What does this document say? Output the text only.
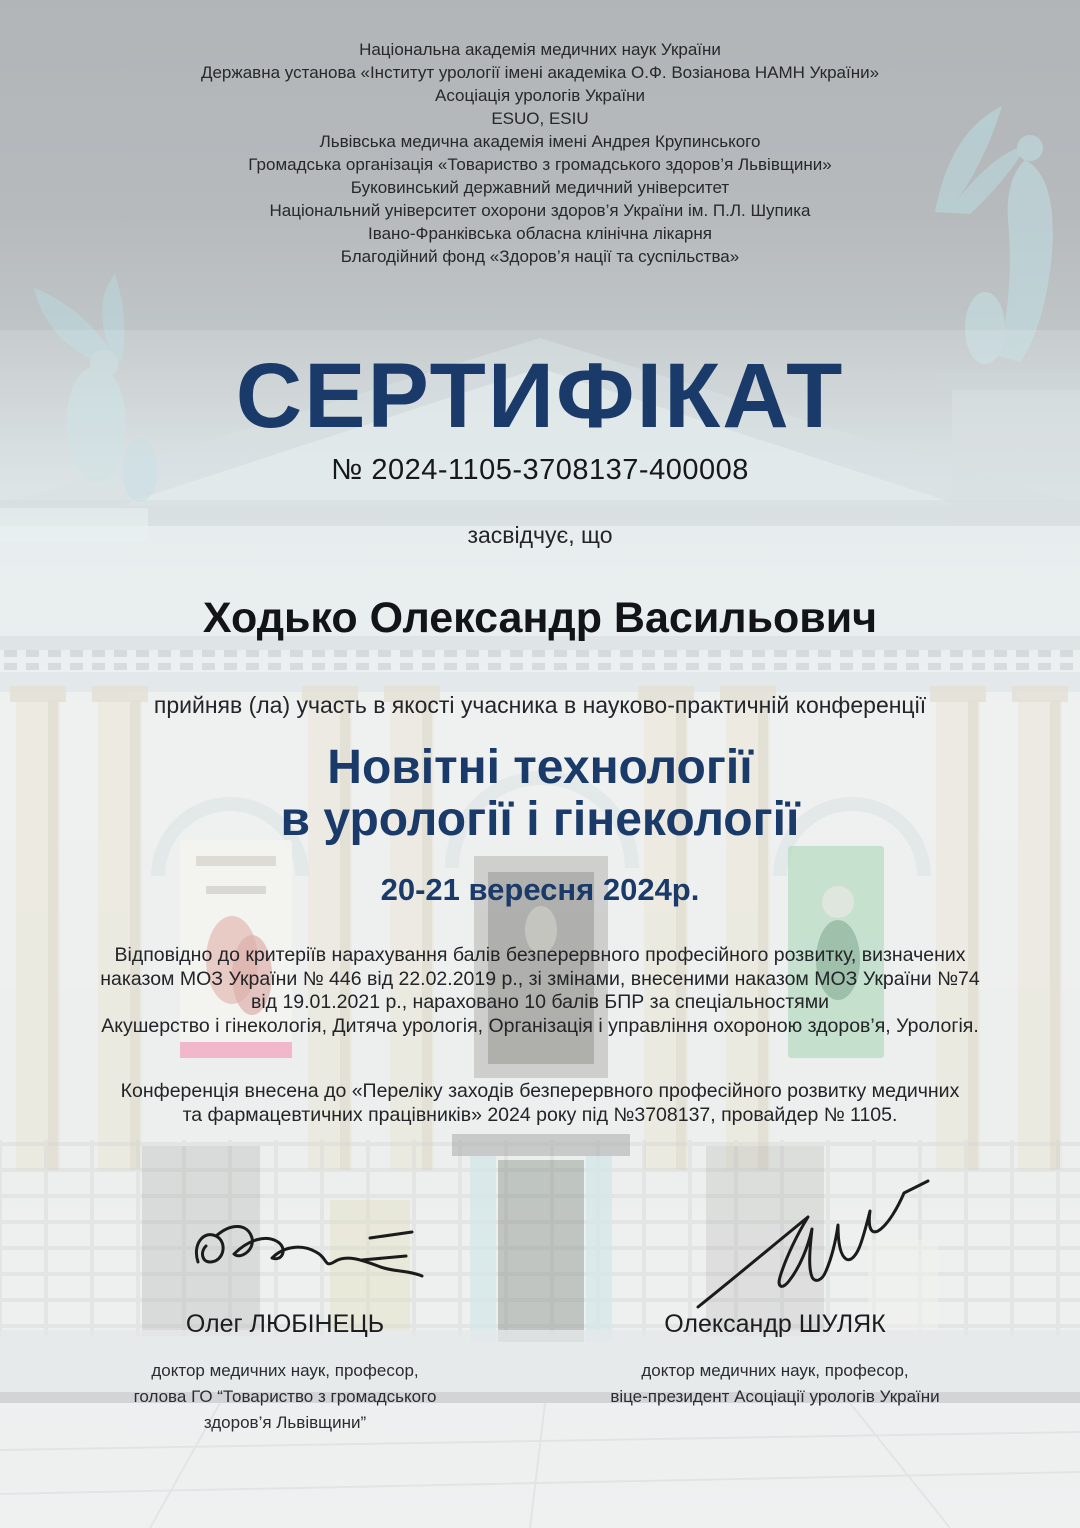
Національна академія медичних наук України
Державна установа «Інститут урології імені академіка О.Ф. Возіанова НАМН України»
Асоціація урологів України
ESUO, ESIU
Львівська медична академія імені Андрея Крупинського
Громадська організація «Товариство з громадського здоров’я Львівщини»
Буковинський державний медичний університет
Національний університет охорони здоров’я України ім. П.Л. Шупика
Івано-Франківська обласна клінічна лікарня
Благодійний фонд «Здоров’я нації та суспільства»
СЕРТИФІКАТ
№ 2024-1105-3708137-400008
засвідчує, що
Ходько Олександр Васильович
прийняв (ла) участь в якості учасника в науково-практичній конференції
Новітні технології
в урології і гінекології
20-21 вересня 2024р.
Відповідно до критеріїв нарахування балів безперервного професійного розвитку, визначених
наказом МОЗ України № 446 від 22.02.2019 р., зі змінами, внесеними наказом МОЗ України №74
від 19.01.2021 р., нараховано 10 балів БПР за спеціальностями
Акушерство і гінекологія, Дитяча урологія, Організація і управління охороною здоров’я, Урологія.
Конференція внесена до «Переліку заходів безперервного професійного розвитку медичних
та фармацевтичних працівників» 2024 року під №3708137, провайдер № 1105.
Олег ЛЮБІНЕЦЬ	Олександр ШУЛЯК
доктор медичних наук, професор,
голова ГО “Товариство з громадського
здоров’я Львівщини”
доктор медичних наук, професор,
віце-президент Асоціації урологів України
